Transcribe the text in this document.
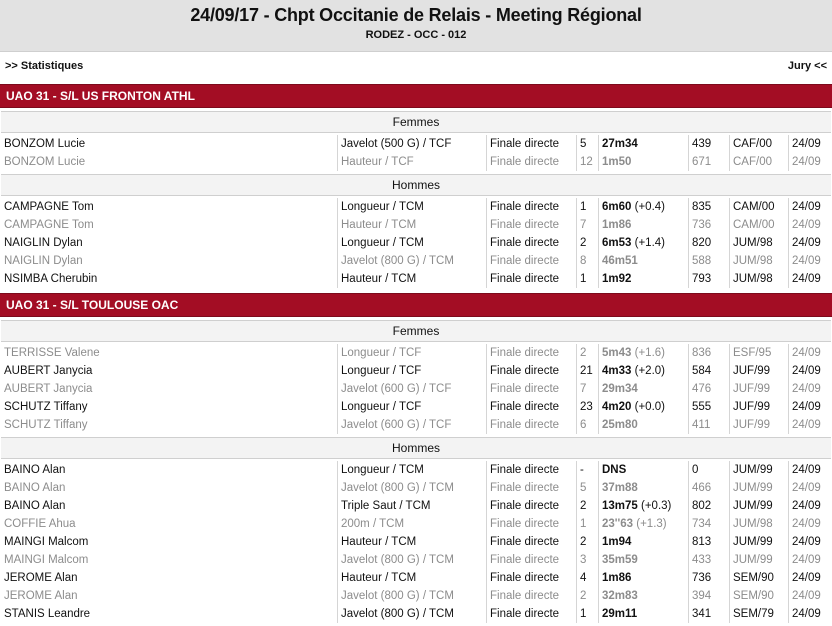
24/09/17 - Chpt Occitanie de Relais - Meeting Régional
RODEZ - OCC - 012
>> Statistiques	Jury <<
UAO 31 - S/L US FRONTON ATHL
Femmes
BONZOM Lucie	Javelot (500 G) / TCF	Finale directe	5	27m34	439	CAF/00	24/09
BONZOM Lucie	Hauteur / TCF	Finale directe	12 1m50	671	CAF/00	24/09
Hommes
CAMPAGNE Tom	Longueur / TCM	Finale directe	1	6m60 (+0.4)	835	CAM/00	24/09
CAMPAGNE Tom	Hauteur / TCM	Finale directe	7	1m86	736	CAM/00	24/09
NAIGLIN Dylan	Longueur / TCM	Finale directe	2	6m53 (+1.4)	820	JUM/98	24/09
NAIGLIN Dylan	Javelot (800 G) / TCM	Finale directe	8	46m51	588	JUM/98	24/09
NSIMBA Cherubin	Hauteur / TCM	Finale directe	1	1m92	793	JUM/98	24/09
UAO 31 - S/L TOULOUSE OAC
Femmes
TERRISSE Valene	Longueur / TCF	Finale directe	2	5m43 (+1.6)	836	ESF/95	24/09
AUBERT Janycia	Longueur / TCF	Finale directe	21 4m33 (+2.0)	584	JUF/99	24/09
AUBERT Janycia	Javelot (600 G) / TCF	Finale directe	7	29m34	476	JUF/99	24/09
SCHUTZ Tiffany	Longueur / TCF	Finale directe	23 4m20 (+0.0)	555	JUF/99	24/09
SCHUTZ Tiffany	Javelot (600 G) / TCF	Finale directe	6	25m80	411	JUF/99	24/09
Hommes
BAINO Alan	Longueur / TCM	Finale directe	-	DNS	0	JUM/99	24/09
BAINO Alan	Javelot (800 G) / TCM	Finale directe	5	37m88	466	JUM/99	24/09
BAINO Alan	Triple Saut / TCM	Finale directe	2	13m75 (+0.3)	802	JUM/99	24/09
COFFIE Ahua	200m / TCM	Finale directe	1	23''63 (+1.3)	734	JUM/98	24/09
MAINGI Malcom	Hauteur / TCM	Finale directe	2	1m94	813	JUM/99	24/09
MAINGI Malcom	Javelot (800 G) / TCM	Finale directe	3	35m59	433	JUM/99	24/09
JEROME Alan	Hauteur / TCM	Finale directe	4	1m86	736	SEM/90	24/09
JEROME Alan	Javelot (800 G) / TCM	Finale directe	2	32m83	394	SEM/90	24/09
STANIS Leandre	Javelot (800 G) / TCM	Finale directe	1	29m11	341	SEM/79	24/09
